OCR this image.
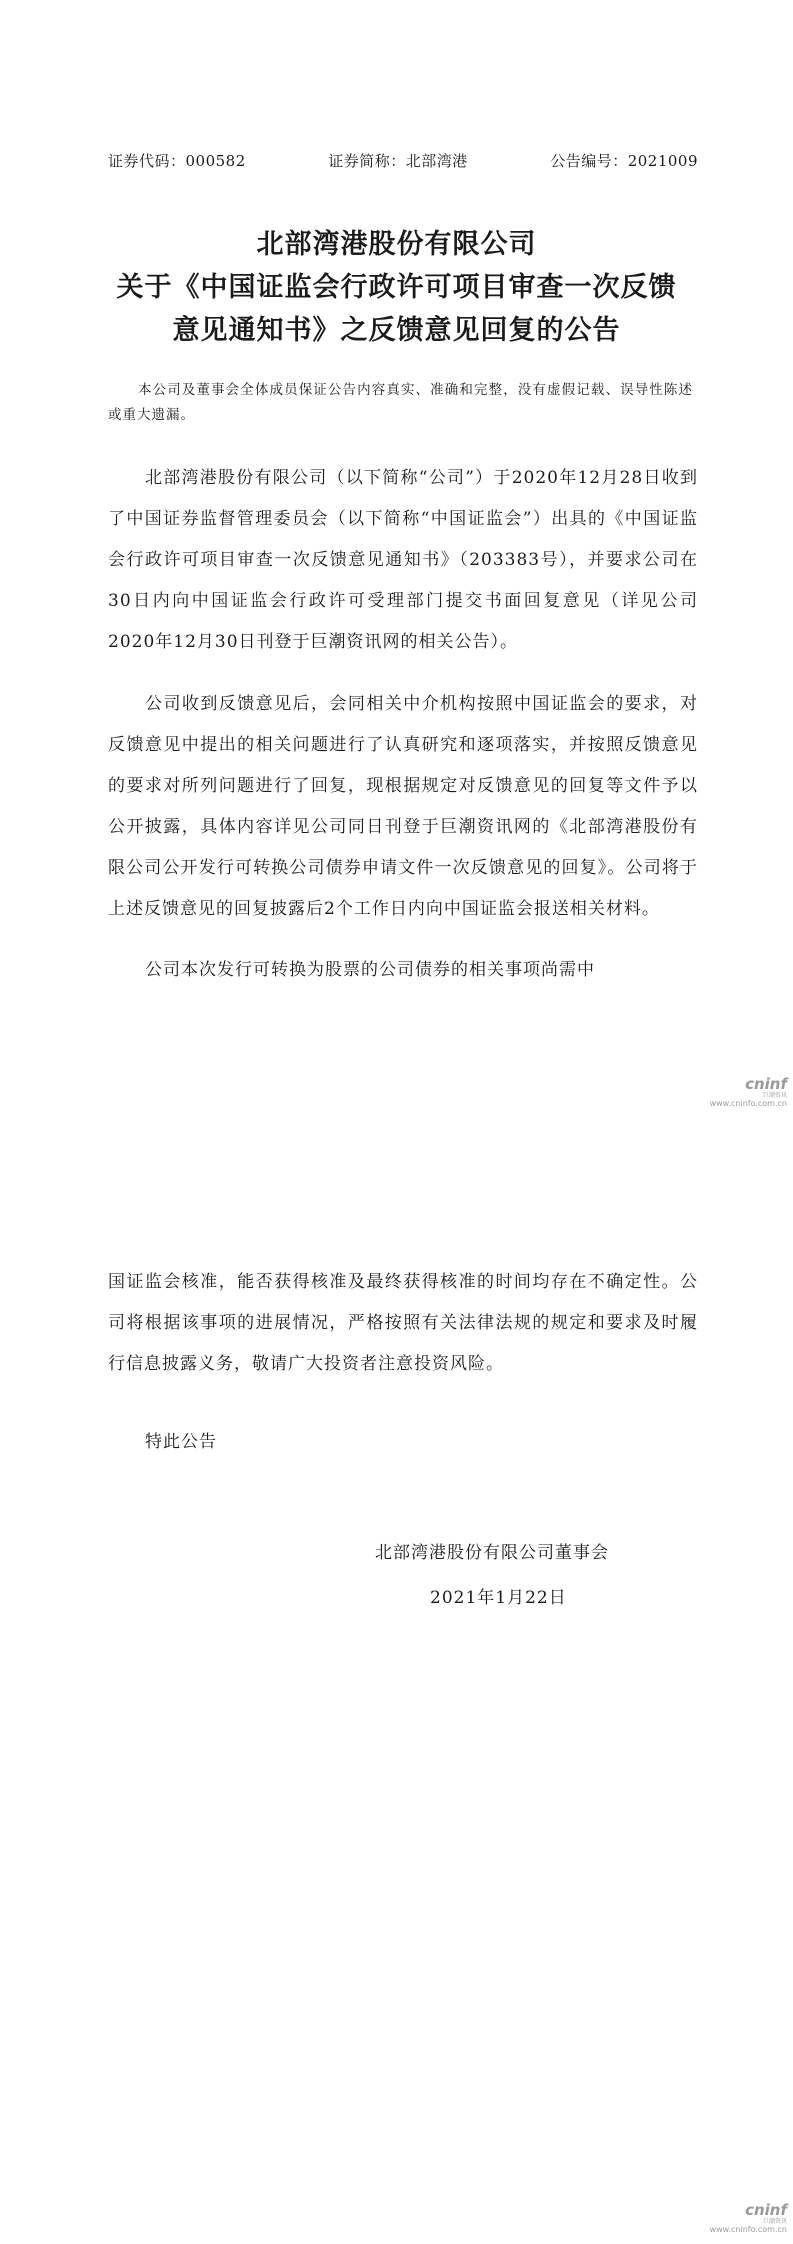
证券代码：000582	证券简称：北部湾港	公告编号：2021009
北部湾港股份有限公司
关于《中国证监会行政许可项目审查一次反馈
意见通知书》之反馈意见回复的公告
本公司及董事会全体成员保证公告内容真实、准确和完整，没有虚假记载、误导性陈述或重大遗漏。
北部湾港股份有限公司（以下简称“公司”）于2020年12月28日收到了中国证券监督管理委员会（以下简称“中国证监会”）出具的《中国证监会行政许可项目审查一次反馈意见通知书》（203383号），并要求公司在30日内向中国证监会行政许可受理部门提交书面回复意见（详见公司2020年12月30日刊登于巨潮资讯网的相关公告）。
公司收到反馈意见后，会同相关中介机构按照中国证监会的要求，对反馈意见中提出的相关问题进行了认真研究和逐项落实，并按照反馈意见的要求对所列问题进行了回复，现根据规定对反馈意见的回复等文件予以公开披露，具体内容详见公司同日刊登于巨潮资讯网的《北部湾港股份有限公司公开发行可转换公司债券申请文件一次反馈意见的回复》。公司将于上述反馈意见的回复披露后2个工作日内向中国证监会报送相关材料。
公司本次发行可转换为股票的公司债券的相关事项尚需中
cninf
巨潮资讯
www.cninfo.com.cn
国证监会核准，能否获得核准及最终获得核准的时间均存在不确定性。公司将根据该事项的进展情况，严格按照有关法律法规的规定和要求及时履行信息披露义务，敬请广大投资者注意投资风险。
特此公告
北部湾港股份有限公司董事会
2021年1月22日
cninf
巨潮资讯
www.cninfo.com.cn
